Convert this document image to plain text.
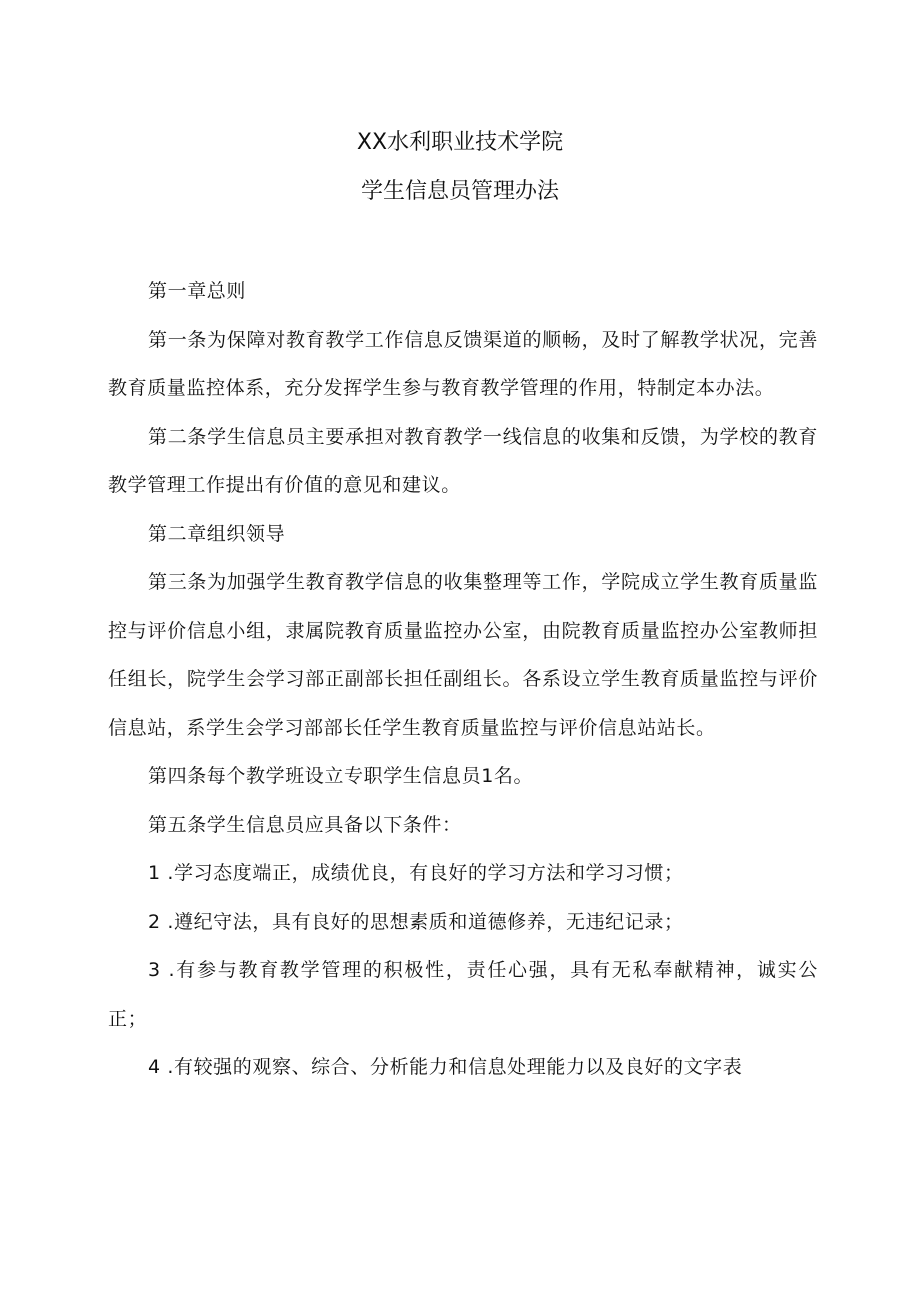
XX水利职业技术学院
学生信息员管理办法

第一章总则

第一条为保障对教育教学工作信息反馈渠道的顺畅，及时了解教学状况，完善教育质量监控体系，充分发挥学生参与教育教学管理的作用，特制定本办法。

第二条学生信息员主要承担对教育教学一线信息的收集和反馈，为学校的教育教学管理工作提出有价值的意见和建议。

第二章组织领导

第三条为加强学生教育教学信息的收集整理等工作，学院成立学生教育质量监控与评价信息小组，隶属院教育质量监控办公室，由院教育质量监控办公室教师担任组长，院学生会学习部正副部长担任副组长。各系设立学生教育质量监控与评价信息站，系学生会学习部部长任学生教育质量监控与评价信息站站长。

第四条每个教学班设立专职学生信息员1名。

第五条学生信息员应具备以下条件：

1 .学习态度端正，成绩优良，有良好的学习方法和学习习惯；

2 .遵纪守法，具有良好的思想素质和道德修养，无违纪记录；

3 .有参与教育教学管理的积极性，责任心强，具有无私奉献精神，诚实公正；

4 .有较强的观察、综合、分析能力和信息处理能力以及良好的文字表
